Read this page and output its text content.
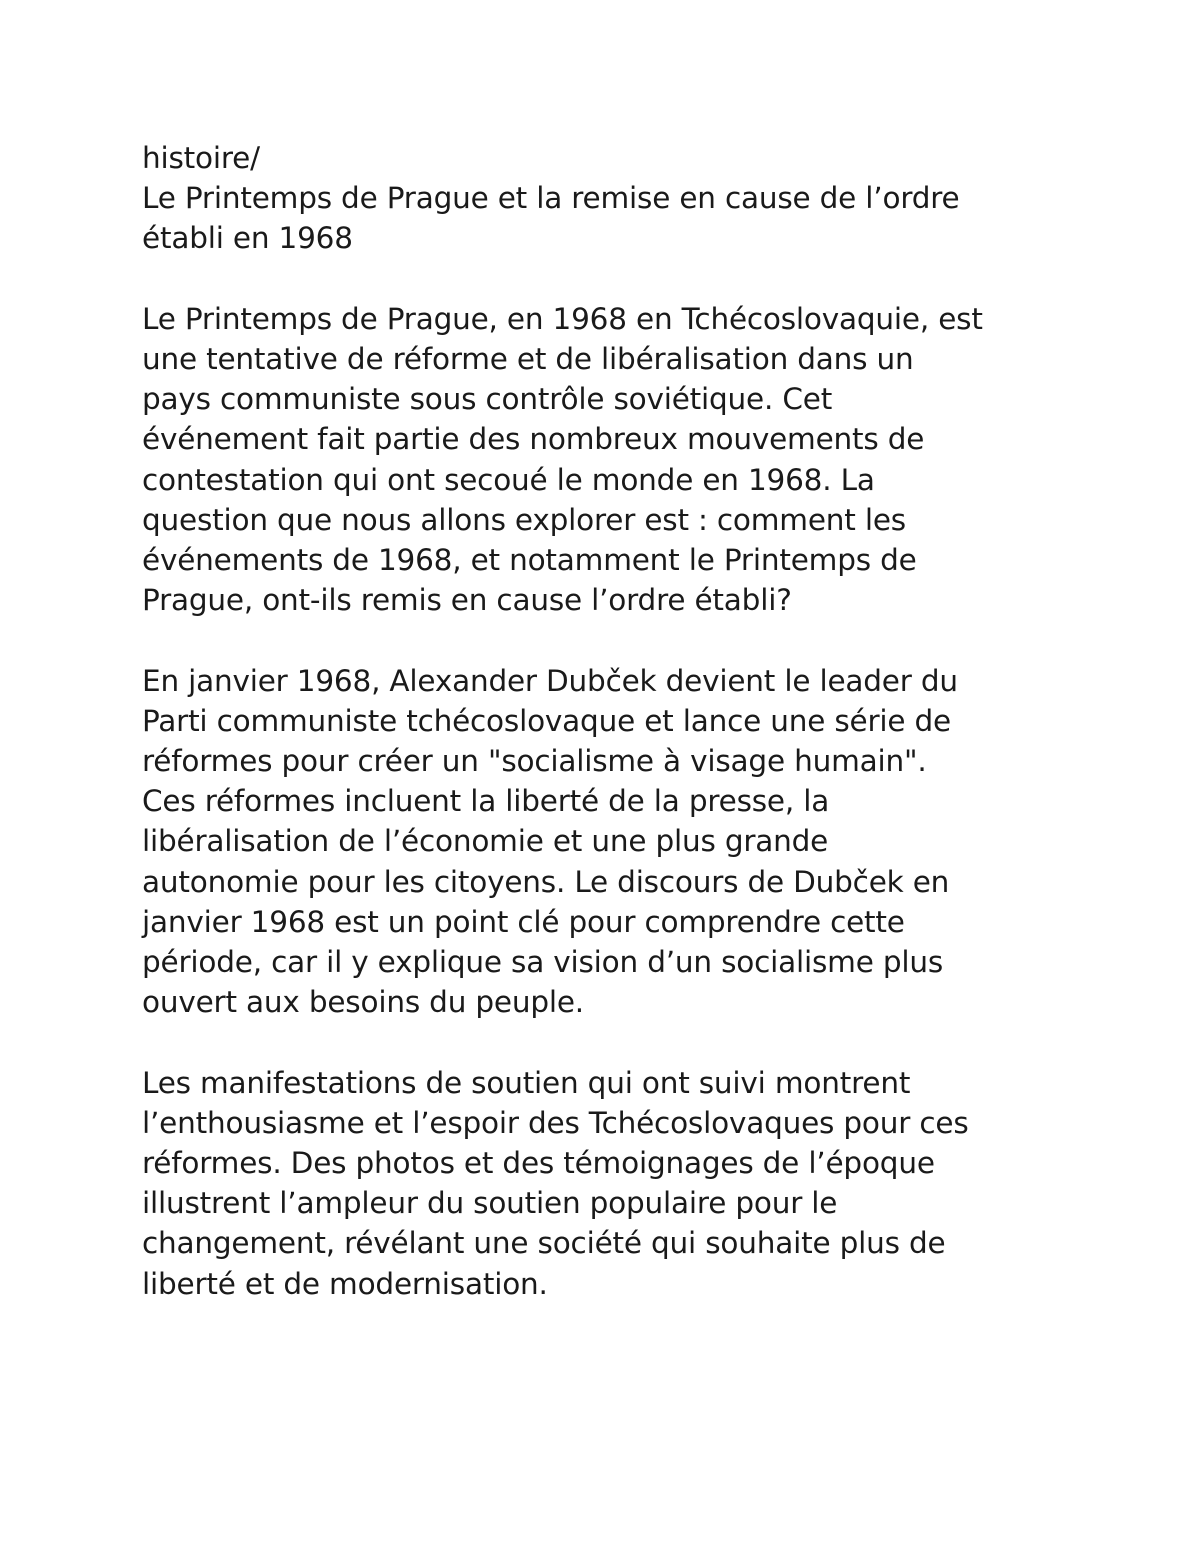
histoire/
Le Printemps de Prague et la remise en cause de l’ordre
établi en 1968
Le Printemps de Prague, en 1968 en Tchécoslovaquie, est
une tentative de réforme et de libéralisation dans un
pays communiste sous contrôle soviétique. Cet
événement fait partie des nombreux mouvements de
contestation qui ont secoué le monde en 1968. La
question que nous allons explorer est : comment les
événements de 1968, et notamment le Printemps de
Prague, ont-ils remis en cause l’ordre établi?
En janvier 1968, Alexander Dubček devient le leader du
Parti communiste tchécoslovaque et lance une série de
réformes pour créer un "socialisme à visage humain".
Ces réformes incluent la liberté de la presse, la
libéralisation de l’économie et une plus grande
autonomie pour les citoyens. Le discours de Dubček en
janvier 1968 est un point clé pour comprendre cette
période, car il y explique sa vision d’un socialisme plus
ouvert aux besoins du peuple.
Les manifestations de soutien qui ont suivi montrent
l’enthousiasme et l’espoir des Tchécoslovaques pour ces
réformes. Des photos et des témoignages de l’époque
illustrent l’ampleur du soutien populaire pour le
changement, révélant une société qui souhaite plus de
liberté et de modernisation.
